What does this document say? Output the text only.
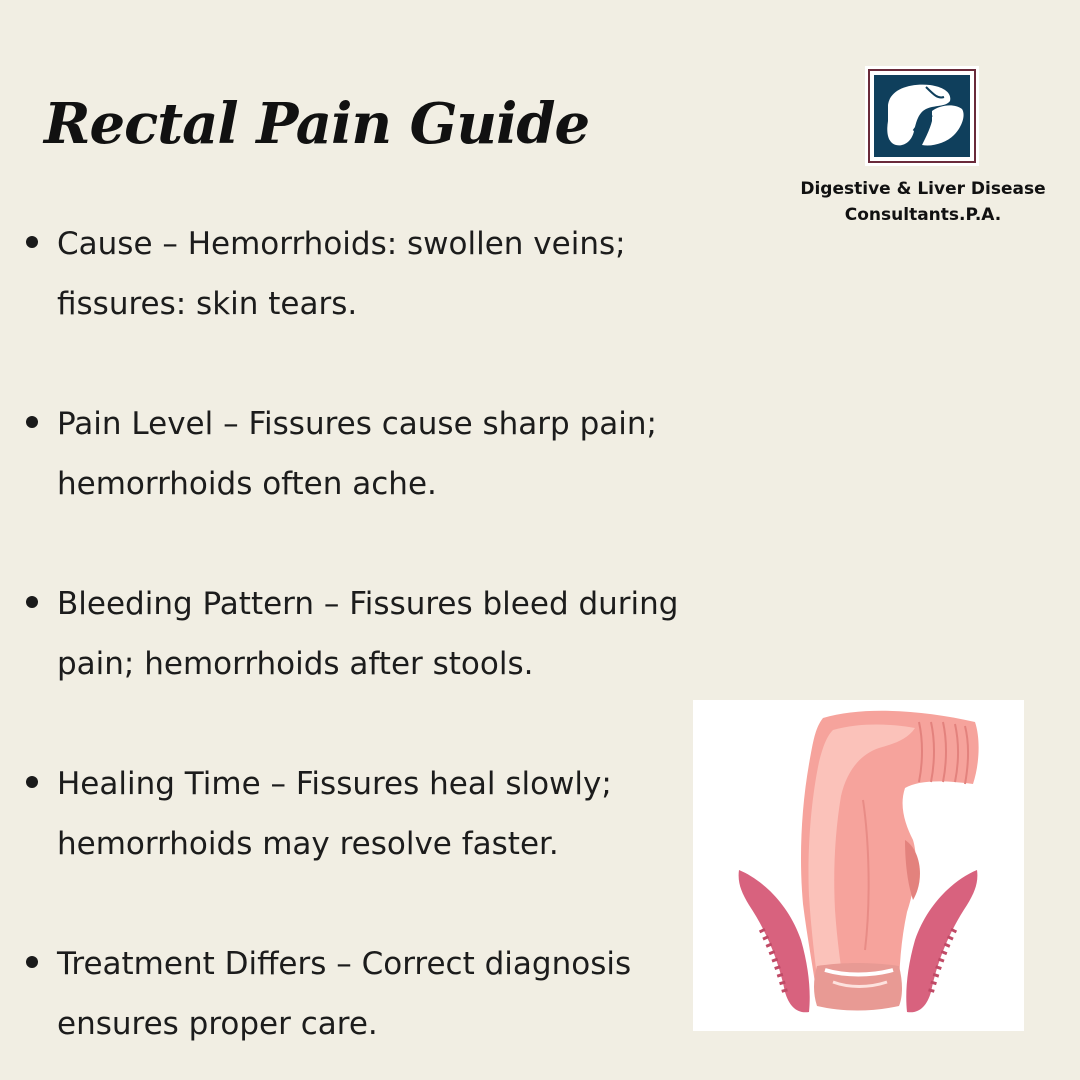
Rectal Pain Guide
Digestive & Liver Disease
Consultants.P.A.
Cause – Hemorrhoids: swollen veins;
fissures: skin tears.
Pain Level – Fissures cause sharp pain;
hemorrhoids often ache.
Bleeding Pattern – Fissures bleed during
pain; hemorrhoids after stools.
Healing Time – Fissures heal slowly;
hemorrhoids may resolve faster.
Treatment Differs – Correct diagnosis
ensures proper care.
